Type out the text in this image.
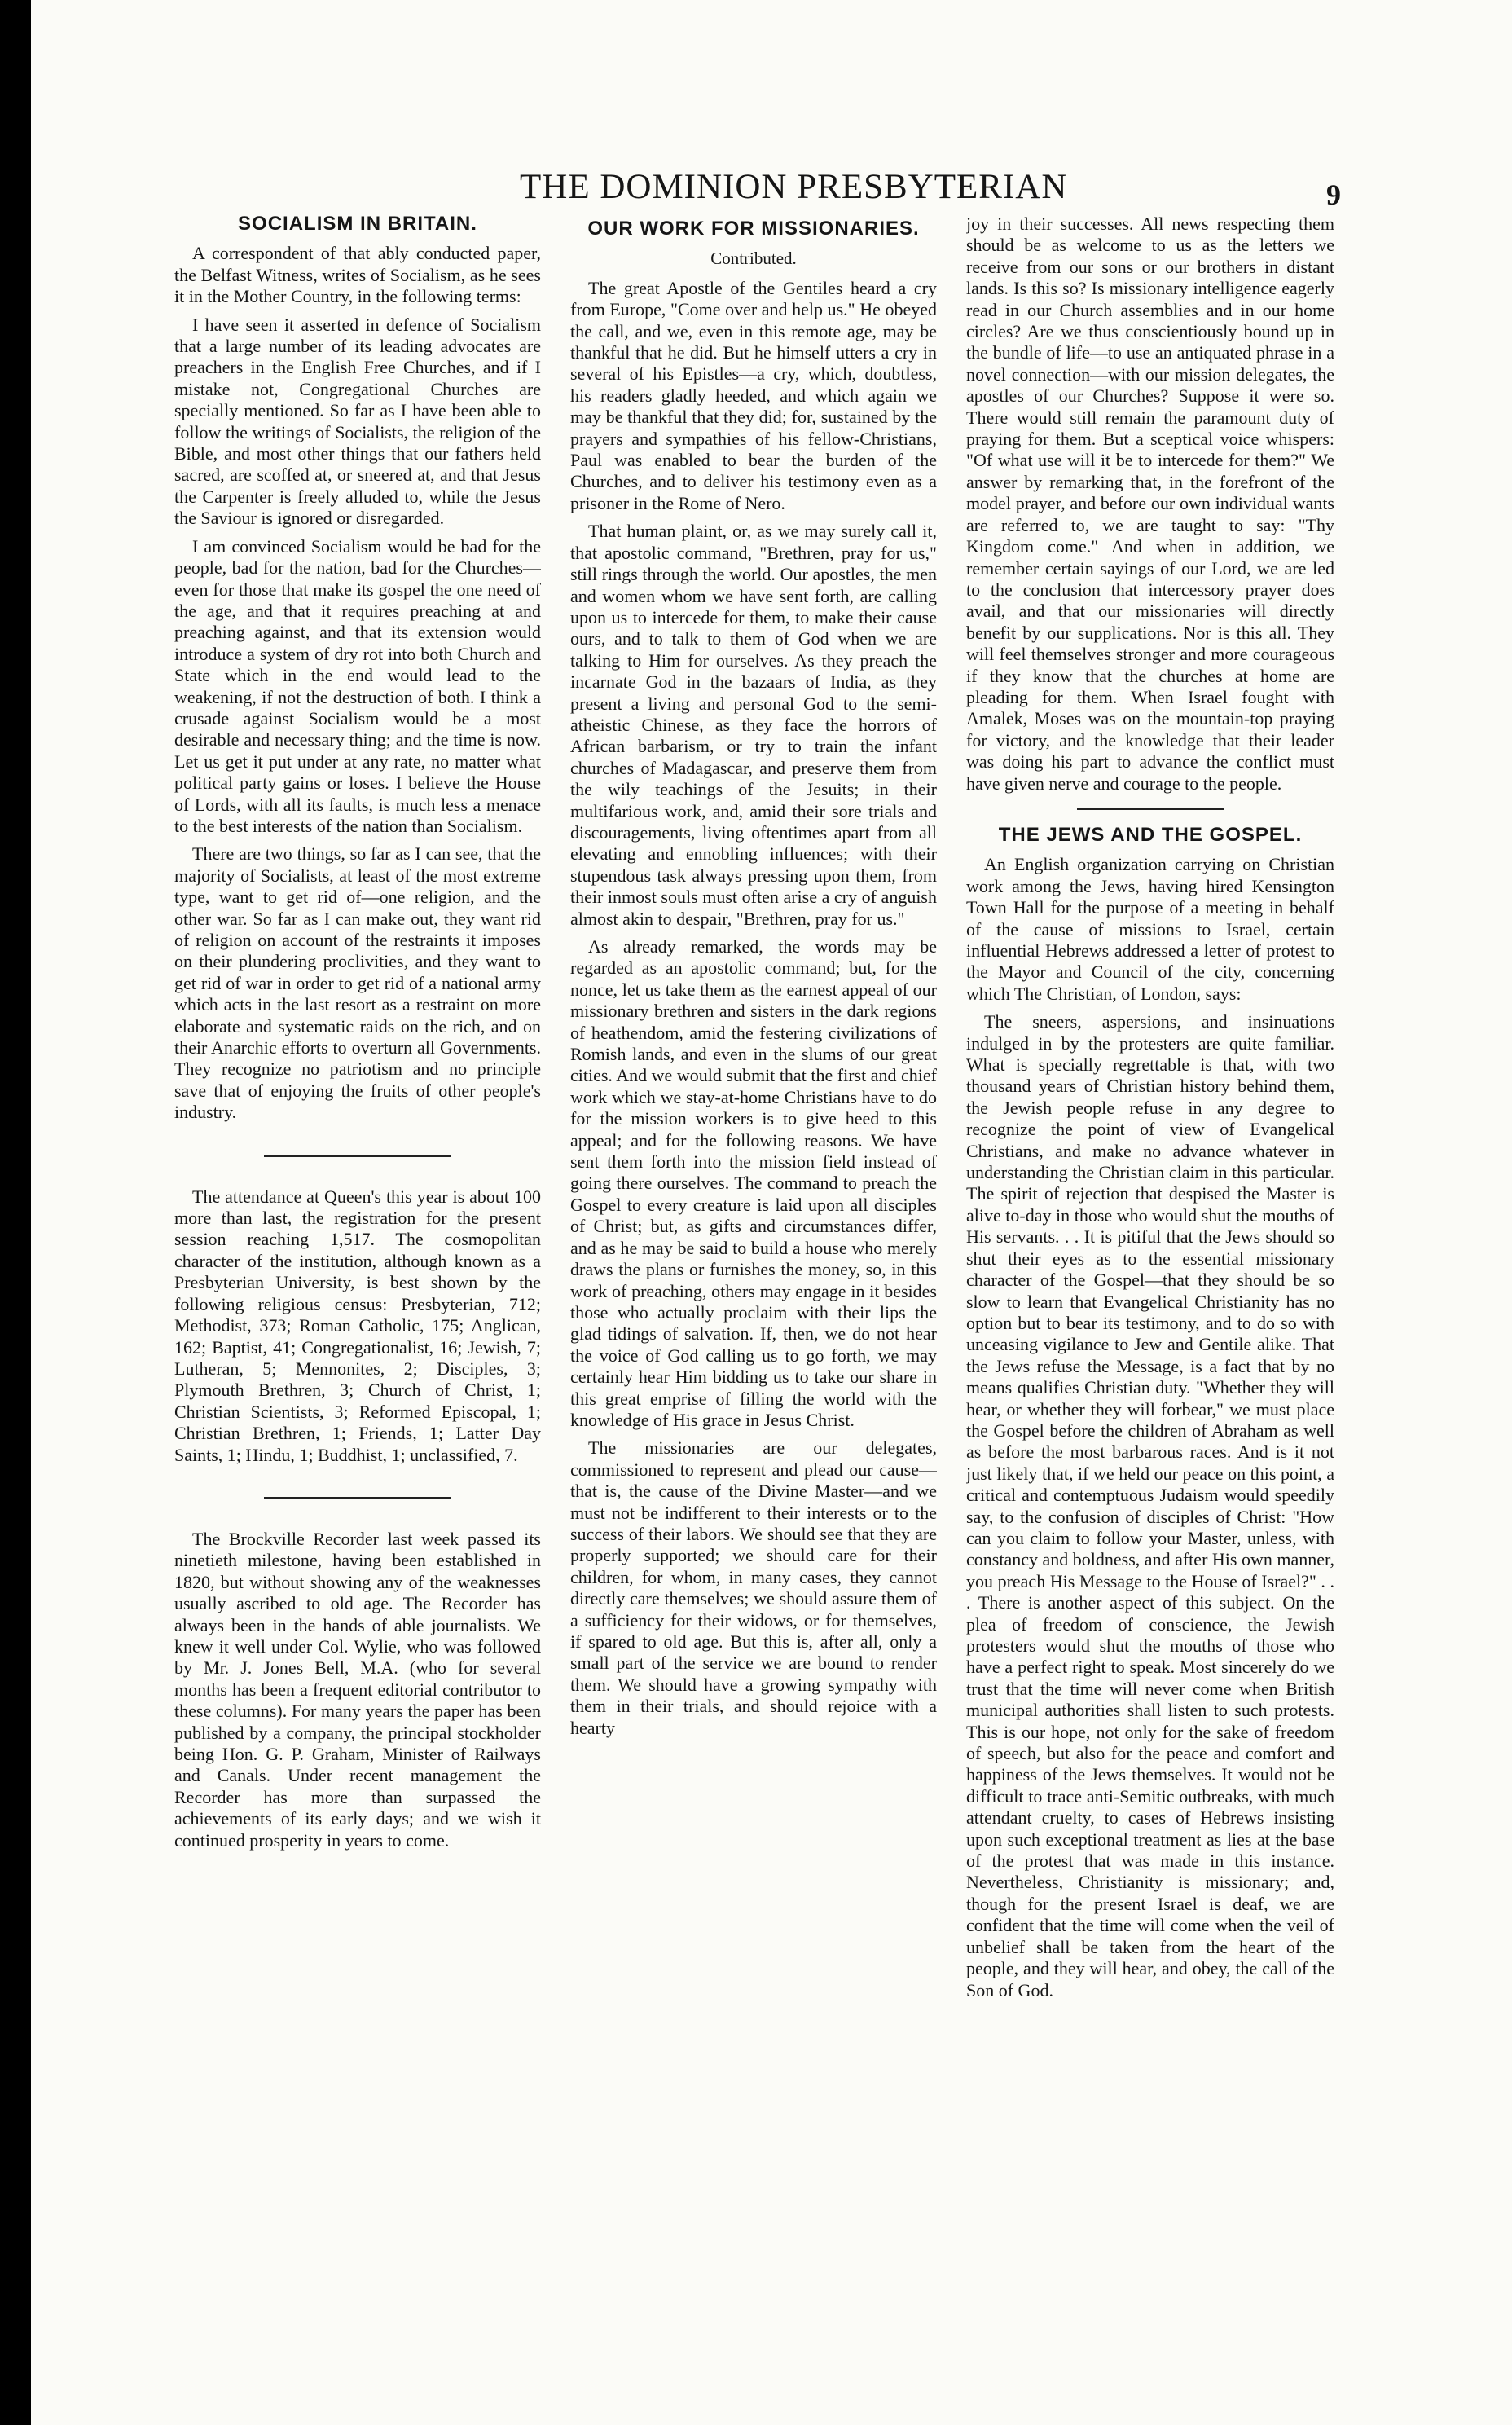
THE DOMINION PRESBYTERIAN	9
SOCIALISM IN BRITAIN.

A correspondent of that ably conducted paper, the Belfast Witness, writes of Socialism, as he sees it in the Mother Country, in the following terms:

I have seen it asserted in defence of Socialism that a large number of its leading advocates are preachers in the English Free Churches, and if I mistake not, Congregational Churches are specially mentioned. So far as I have been able to follow the writings of Socialists, the religion of the Bible, and most other things that our fathers held sacred, are scoffed at, or sneered at, and that Jesus the Carpenter is freely alluded to, while the Jesus the Saviour is ignored or disregarded.

I am convinced Socialism would be bad for the people, bad for the nation, bad for the Churches—even for those that make its gospel the one need of the age, and that it requires preaching at and preaching against, and that its extension would introduce a system of dry rot into both Church and State which in the end would lead to the weakening, if not the destruction of both. I think a crusade against Socialism would be a most desirable and necessary thing; and the time is now. Let us get it put under at any rate, no matter what political party gains or loses. I believe the House of Lords, with all its faults, is much less a menace to the best interests of the nation than Socialism.

There are two things, so far as I can see, that the majority of Socialists, at least of the most extreme type, want to get rid of—one religion, and the other war. So far as I can make out, they want rid of religion on account of the restraints it imposes on their plundering proclivities, and they want to get rid of war in order to get rid of a national army which acts in the last resort as a restraint on more elaborate and systematic raids on the rich, and on their Anarchic efforts to overturn all Governments. They recognize no patriotism and no principle save that of enjoying the fruits of other people's industry.

The attendance at Queen's this year is about 100 more than last, the registration for the present session reaching 1,517. The cosmopolitan character of the institution, although known as a Presbyterian University, is best shown by the following religious census: Presbyterian, 712; Methodist, 373; Roman Catholic, 175; Anglican, 162; Baptist, 41; Congregationalist, 16; Jewish, 7; Lutheran, 5; Mennonites, 2; Disciples, 3; Plymouth Brethren, 3; Church of Christ, 1; Christian Scientists, 3; Reformed Episcopal, 1; Christian Brethren, 1; Friends, 1; Latter Day Saints, 1; Hindu, 1; Buddhist, 1; unclassified, 7.

The Brockville Recorder last week passed its ninetieth milestone, having been established in 1820, but without showing any of the weaknesses usually ascribed to old age. The Recorder has always been in the hands of able journalists. We knew it well under Col. Wylie, who was followed by Mr. J. Jones Bell, M.A. (who for several months has been a frequent editorial contributor to these columns). For many years the paper has been published by a company, the principal stockholder being Hon. G. P. Graham, Minister of Railways and Canals. Under recent management the Recorder has more than surpassed the achievements of its early days; and we wish it continued prosperity in years to come.

OUR WORK FOR MISSIONARIES.
Contributed.

The great Apostle of the Gentiles heard a cry from Europe, "Come over and help us." He obeyed the call, and we, even in this remote age, may be thankful that he did. But he himself utters a cry in several of his Epistles—a cry, which, doubtless, his readers gladly heeded, and which again we may be thankful that they did; for, sustained by the prayers and sympathies of his fellow-Christians, Paul was enabled to bear the burden of the Churches, and to deliver his testimony even as a prisoner in the Rome of Nero.

That human plaint, or, as we may surely call it, that apostolic command, "Brethren, pray for us," still rings through the world. Our apostles, the men and women whom we have sent forth, are calling upon us to intercede for them, to make their cause ours, and to talk to them of God when we are talking to Him for ourselves. As they preach the incarnate God in the bazaars of India, as they present a living and personal God to the semi-atheistic Chinese, as they face the horrors of African barbarism, or try to train the infant churches of Madagascar, and preserve them from the wily teachings of the Jesuits; in their multifarious work, and, amid their sore trials and discouragements, living oftentimes apart from all elevating and ennobling influences; with their stupendous task always pressing upon them, from their inmost souls must often arise a cry of anguish almost akin to despair, "Brethren, pray for us."

As already remarked, the words may be regarded as an apostolic command; but, for the nonce, let us take them as the earnest appeal of our missionary brethren and sisters in the dark regions of heathendom, amid the festering civilizations of Romish lands, and even in the slums of our great cities. And we would submit that the first and chief work which we stay-at-home Christians have to do for the mission workers is to give heed to this appeal; and for the following reasons. We have sent them forth into the mission field instead of going there ourselves. The command to preach the Gospel to every creature is laid upon all disciples of Christ; but, as gifts and circumstances differ, and as he may be said to build a house who merely draws the plans or furnishes the money, so, in this work of preaching, others may engage in it besides those who actually proclaim with their lips the glad tidings of salvation. If, then, we do not hear the voice of God calling us to go forth, we may certainly hear Him bidding us to take our share in this great emprise of filling the world with the knowledge of His grace in Jesus Christ.

The missionaries are our delegates, commissioned to represent and plead our cause—that is, the cause of the Divine Master—and we must not be indifferent to their interests or to the success of their labors. We should see that they are properly supported; we should care for their children, for whom, in many cases, they cannot directly care themselves; we should assure them of a sufficiency for their widows, or for themselves, if spared to old age. But this is, after all, only a small part of the service we are bound to render them. We should have a growing sympathy with them in their trials, and should rejoice with a hearty

joy in their successes. All news respecting them should be as welcome to us as the letters we receive from our sons or our brothers in distant lands. Is this so? Is missionary intelligence eagerly read in our Church assemblies and in our home circles? Are we thus conscientiously bound up in the bundle of life—to use an antiquated phrase in a novel connection—with our mission delegates, the apostles of our Churches? Suppose it were so. There would still remain the paramount duty of praying for them. But a sceptical voice whispers: "Of what use will it be to intercede for them?" We answer by remarking that, in the forefront of the model prayer, and before our own individual wants are referred to, we are taught to say: "Thy Kingdom come." And when in addition, we remember certain sayings of our Lord, we are led to the conclusion that intercessory prayer does avail, and that our missionaries will directly benefit by our supplications. Nor is this all. They will feel themselves stronger and more courageous if they know that the churches at home are pleading for them. When Israel fought with Amalek, Moses was on the mountain-top praying for victory, and the knowledge that their leader was doing his part to advance the conflict must have given nerve and courage to the people.

THE JEWS AND THE GOSPEL.

An English organization carrying on Christian work among the Jews, having hired Kensington Town Hall for the purpose of a meeting in behalf of the cause of missions to Israel, certain influential Hebrews addressed a letter of protest to the Mayor and Council of the city, concerning which The Christian, of London, says:

The sneers, aspersions, and insinuations indulged in by the protesters are quite familiar. What is specially regrettable is that, with two thousand years of Christian history behind them, the Jewish people refuse in any degree to recognize the point of view of Evangelical Christians, and make no advance whatever in understanding the Christian claim in this particular. The spirit of rejection that despised the Master is alive to-day in those who would shut the mouths of His servants. . . It is pitiful that the Jews should so shut their eyes as to the essential missionary character of the Gospel—that they should be so slow to learn that Evangelical Christianity has no option but to bear its testimony, and to do so with unceasing vigilance to Jew and Gentile alike. That the Jews refuse the Message, is a fact that by no means qualifies Christian duty. "Whether they will hear, or whether they will forbear," we must place the Gospel before the children of Abraham as well as before the most barbarous races. And is it not just likely that, if we held our peace on this point, a critical and contemptuous Judaism would speedily say, to the confusion of disciples of Christ: "How can you claim to follow your Master, unless, with constancy and boldness, and after His own manner, you preach His Message to the House of Israel?" . . . There is another aspect of this subject. On the plea of freedom of conscience, the Jewish protesters would shut the mouths of those who have a perfect right to speak. Most sincerely do we trust that the time will never come when British municipal authorities shall listen to such protests. This is our hope, not only for the sake of freedom of speech, but also for the peace and comfort and happiness of the Jews themselves. It would not be difficult to trace anti-Semitic outbreaks, with much attendant cruelty, to cases of Hebrews insisting upon such exceptional treatment as lies at the base of the protest that was made in this instance. Nevertheless, Christianity is missionary; and, though for the present Israel is deaf, we are confident that the time will come when the veil of unbelief shall be taken from the heart of the people, and they will hear, and obey, the call of the Son of God.
